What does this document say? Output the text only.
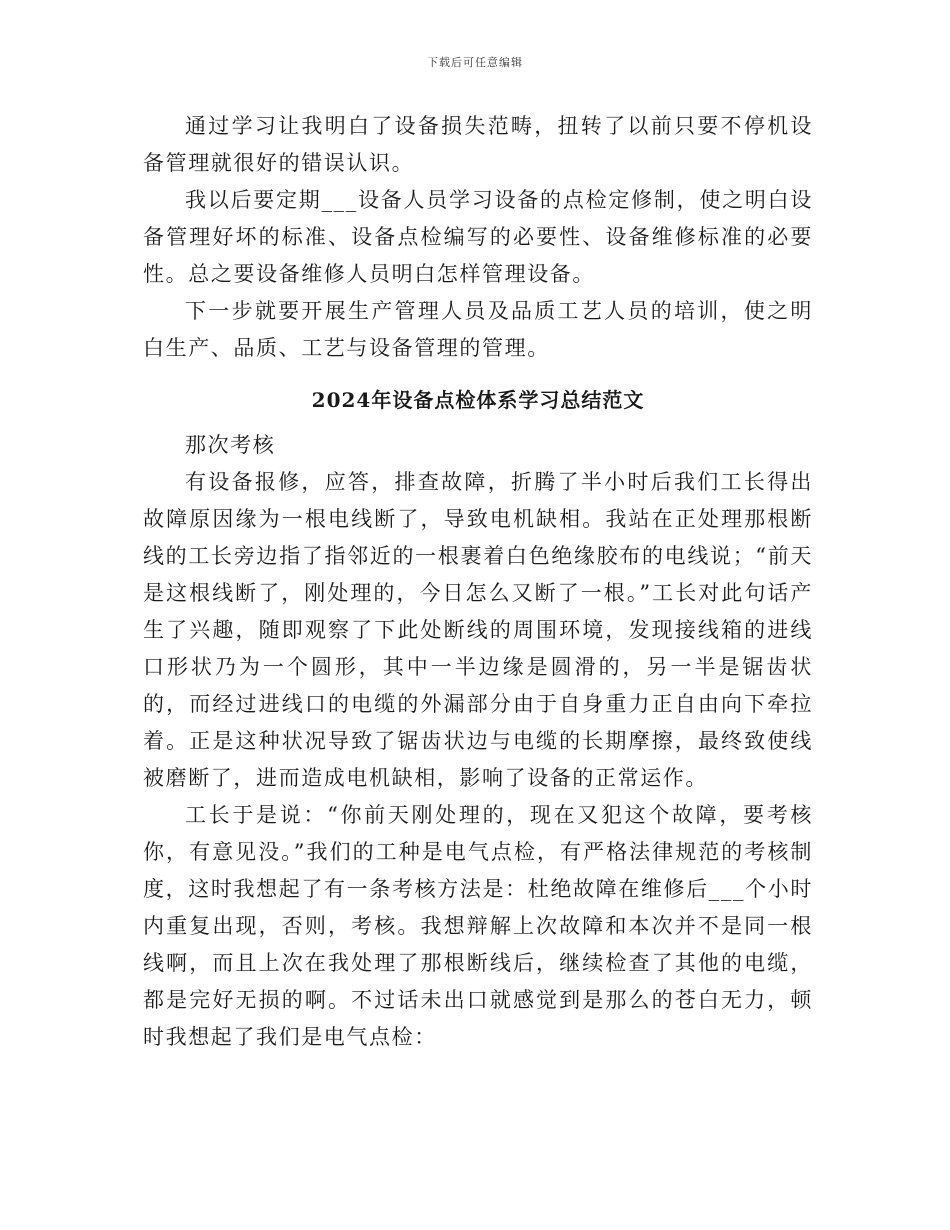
下载后可任意编辑

通过学习让我明白了设备损失范畴，扭转了以前只要不停机设备管理就很好的错误认识。

我以后要定期___设备人员学习设备的点检定修制，使之明白设备管理好坏的标准、设备点检编写的必要性、设备维修标准的必要性。总之要设备维修人员明白怎样管理设备。

下一步就要开展生产管理人员及品质工艺人员的培训，使之明白生产、品质、工艺与设备管理的管理。

2024年设备点检体系学习总结范文

那次考核

有设备报修，应答，排查故障，折腾了半小时后我们工长得出故障原因缘为一根电线断了，导致电机缺相。我站在正处理那根断线的工长旁边指了指邻近的一根裹着白色绝缘胶布的电线说；“前天是这根线断了，刚处理的，今日怎么又断了一根。”工长对此句话产生了兴趣，随即观察了下此处断线的周围环境，发现接线箱的进线口形状乃为一个圆形，其中一半边缘是圆滑的，另一半是锯齿状的，而经过进线口的电缆的外漏部分由于自身重力正自由向下牵拉着。正是这种状况导致了锯齿状边与电缆的长期摩擦，最终致使线被磨断了，进而造成电机缺相，影响了设备的正常运作。

工长于是说：“你前天刚处理的，现在又犯这个故障，要考核你，有意见没。”我们的工种是电气点检，有严格法律规范的考核制度，这时我想起了有一条考核方法是：杜绝故障在维修后___个小时内重复出现，否则，考核。我想辩解上次故障和本次并不是同一根线啊，而且上次在我处理了那根断线后，继续检查了其他的电缆，都是完好无损的啊。不过话未出口就感觉到是那么的苍白无力，顿时我想起了我们是电气点检：
